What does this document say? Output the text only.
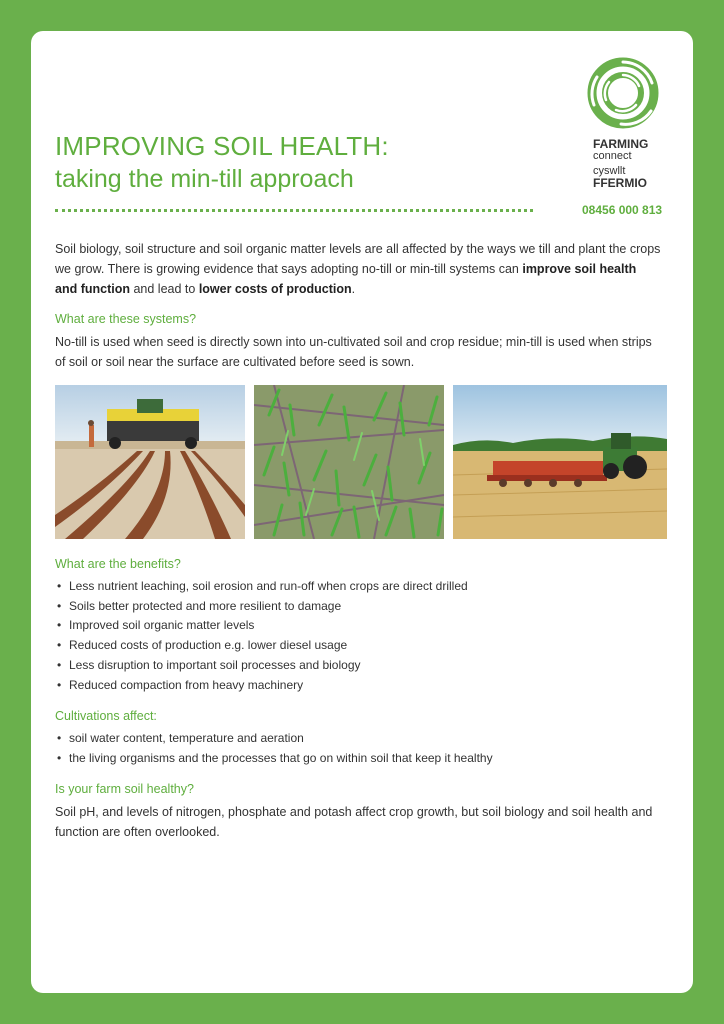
IMPROVING SOIL HEALTH:
taking the min-till approach
FARMING
connect
cyswllt
FFERMIO
08456 000 813
Soil biology, soil structure and soil organic matter levels are all affected by the ways we till and plant the crops we grow. There is growing evidence that says adopting no-till or min-till systems can improve soil health and function and lead to lower costs of production.
What are these systems?
No-till is used when seed is directly sown into un-cultivated soil and crop residue; min-till is used when strips of soil or soil near the surface are cultivated before seed is sown.
What are the benefits?
• Less nutrient leaching, soil erosion and run-off when crops are direct drilled
• Soils better protected and more resilient to damage
• Improved soil organic matter levels
• Reduced costs of production e.g. lower diesel usage
• Less disruption to important soil processes and biology
• Reduced compaction from heavy machinery
Cultivations affect:
• soil water content, temperature and aeration
• the living organisms and the processes that go on within soil that keep it healthy
Is your farm soil healthy?
Soil pH, and levels of nitrogen, phosphate and potash affect crop growth, but soil biology and soil health and function are often overlooked.
